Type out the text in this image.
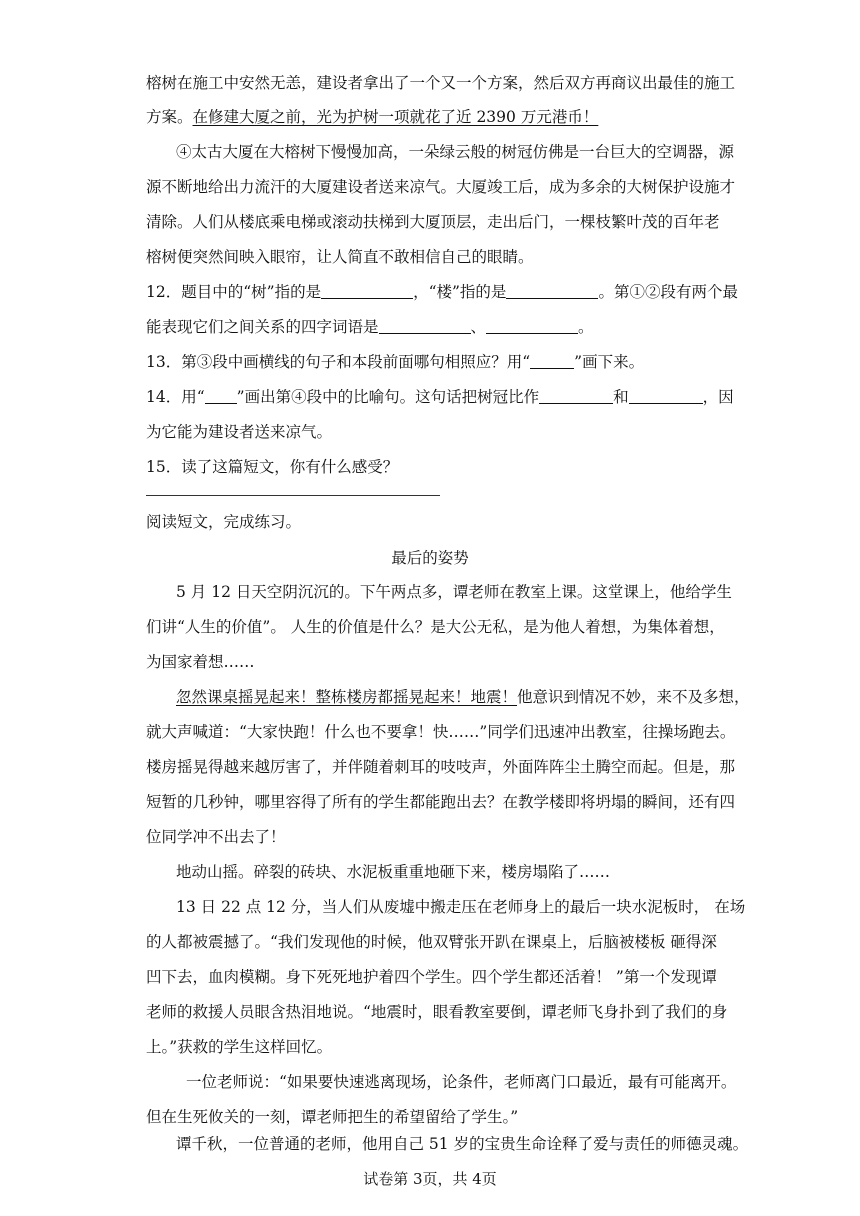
榕树在施工中安然无恙，建设者拿出了一个又一个方案，然后双方再商议出最佳的施工
方案。在修建大厦之前，光为护树一项就花了近 2390 万元港币！
④太古大厦在大榕树下慢慢加高，一朵绿云般的树冠仿佛是一台巨大的空调器，源
源不断地给出力流汗的大厦建设者送来凉气。大厦竣工后，成为多余的大树保护设施才
清除。人们从楼底乘电梯或滚动扶梯到大厦顶层，走出后门，一棵枝繁叶茂的百年老
榕树便突然间映入眼帘，让人简直不敢相信自己的眼睛。
12．题目中的“树”指的是	，“楼”指的是	。第①②段有两个最
能表现它们之间关系的四字词语是	、	。
13．第③段中画横线的句子和本段前面哪句相照应？用“	”画下来。
14．用“ ”画出第④段中的比喻句。这句话把树冠比作	和	，因
为它能为建设者送来凉气。
15．读了这篇短文，你有什么感受？
阅读短文，完成练习。
最后的姿势
5 月 12 日天空阴沉沉的。下午两点多，谭老师在教室上课。这堂课上，他给学生
们讲“人生的价值”。 人生的价值是什么？是大公无私，是为他人着想，为集体着想，
为国家着想……
忽然课桌摇晃起来！整栋楼房都摇晃起来！地震！他意识到情况不妙，来不及多想，
就大声喊道：“大家快跑！什么也不要拿！快……”同学们迅速冲出教室，往操场跑去。
楼房摇晃得越来越厉害了，并伴随着刺耳的吱吱声，外面阵阵尘土腾空而起。但是，那
短暂的几秒钟，哪里容得了所有的学生都能跑出去？在教学楼即将坍塌的瞬间，还有四
位同学冲不出去了！
地动山摇。碎裂的砖块、水泥板重重地砸下来，楼房塌陷了……
13 日 22 点 12 分，当人们从废墟中搬走压在老师身上的最后一块水泥板时， 在场
的人都被震撼了。“我们发现他的时候，他双臂张开趴在课桌上，后脑被楼板 砸得深
凹下去，血肉模糊。身下死死地护着四个学生。四个学生都还活着！ ”第一个发现谭
老师的救援人员眼含热泪地说。“地震时，眼看教室要倒，谭老师飞身扑到了我们的身
上。”获救的学生这样回忆。
一位老师说：“如果要快速逃离现场，论条件，老师离门口最近，最有可能离开。
但在生死攸关的一刻，谭老师把生的希望留给了学生。”
谭千秋，一位普通的老师，他用自己 51 岁的宝贵生命诠释了爱与责任的师德灵魂。
试卷第 3页，共 4页
